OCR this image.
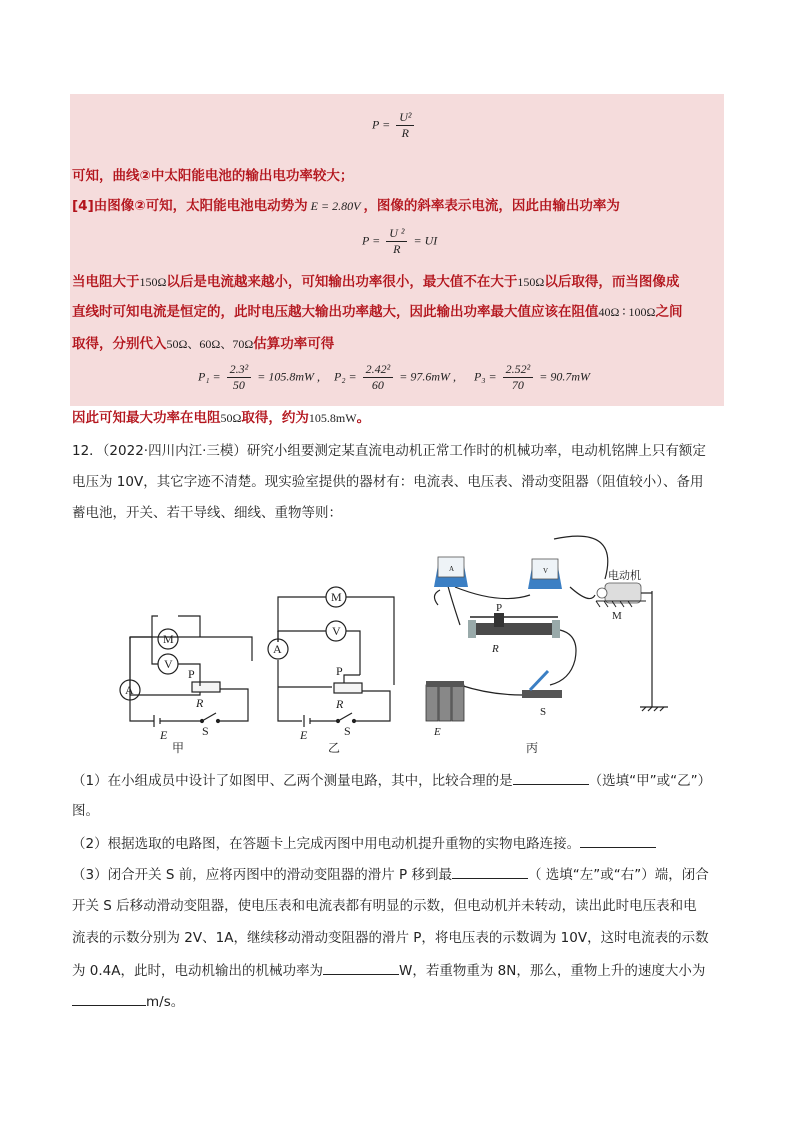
$P = \frac{\text{U²}}{R}$
可知，曲线②中太阳能电池的输出电功率较大；
[4]由图像②可知，太阳能电池电动势为 E = 2.80V ，图像的斜率表示电流，因此由输出功率为
$P = \frac{\text{U ²}}{R}$ = UI
当电阻大于150Ω以后是电流越来越小，可知输出功率很小，最大值不在大于150Ω以后取得，而当图像成
直线时可知电流是恒定的，此时电压越大输出功率越大，因此输出功率最大值应该在阻值40Ω ∶ 100Ω之间
取得，分别代入50Ω、60Ω、70Ω估算功率可得
$P_1 = \frac{\text{2.3²}}{50} = 105.8mW$ , $P_2 = \frac{\text{2.42²}}{60} = 97.6mW$ , $P_3 = \frac{\text{2.52²}}{70} = 90.7mW$
因此可知最大功率在电阻50Ω取得，约为105.8mW。
12．（2022·四川内江·三模）研究小组要测定某直流电动机正常工作时的机械功率，电动机铭牌上只有额定
电压为 10V，其它字迹不清楚。现实验室提供的器材有：电流表、电压表、滑动变阻器（阻值较小）、备用
蓄电池，开关、若干导线、细线、重物等则：
M
V
A
P
R
E	S
甲
M
V
A
P
R
E	S
乙
A	V
P
R
E
S
电动机
M
丙
（1）在小组成员中设计了如图甲、乙两个测量电路，其中，比较合理的是	（选填“甲”或“乙”）
图。
（2）根据选取的电路图，在答题卡上完成丙图中用电动机提升重物的实物电路连接。
（3）闭合开关 S 前，应将丙图中的滑动变阻器的滑片 P 移到最	（ 选填“左”或“右”）端，闭合
开关 S 后移动滑动变阻器，使电压表和电流表都有明显的示数，但电动机并未转动，读出此时电压表和电
流表的示数分别为 2V、1A，继续移动滑动变阻器的滑片 P，将电压表的示数调为 10V，这时电流表的示数
为 0.4A，此时，电动机输出的机械功率为	W，若重物重为 8N，那么，重物上升的速度大小为
m/s。
